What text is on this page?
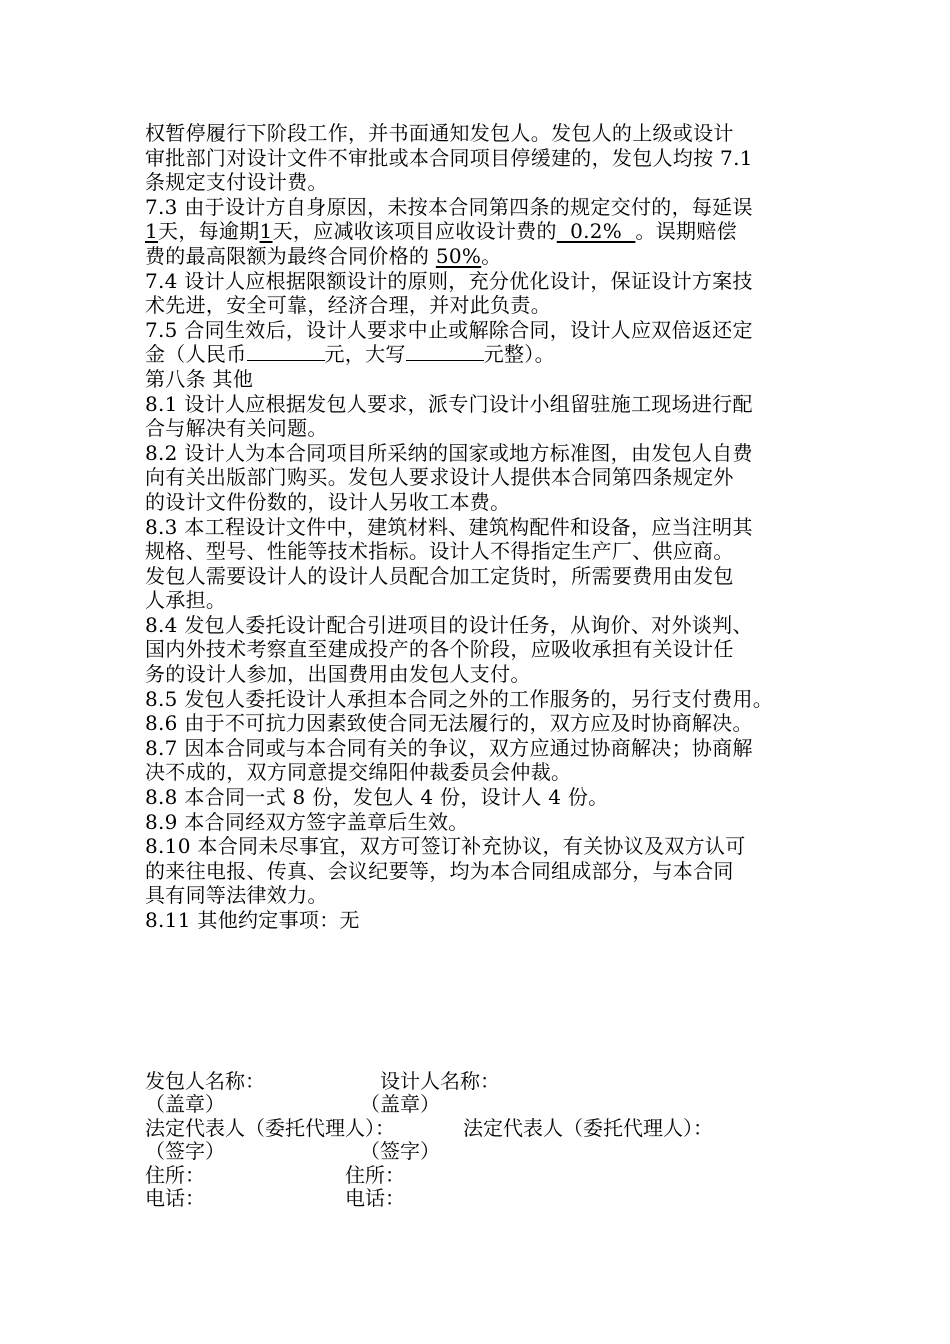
权暂停履行下阶段工作，并书面通知发包人。发包人的上级或设计
审批部门对设计文件不审批或本合同项目停缓建的，发包人均按 7.1
条规定支付设计费。
7.3 由于设计方自身原因，未按本合同第四条的规定交付的，每延误
1天，每逾期1天，应减收该项目应收设计费的  0.2%  。误期赔偿
费的最高限额为最终合同价格的 50%。
7.4 设计人应根据限额设计的原则，充分优化设计，保证设计方案技
术先进，安全可靠，经济合理，并对此负责。
7.5 合同生效后，设计人要求中止或解除合同，设计人应双倍返还定
金（人民币	元，大写	元整）。
第八条 其他
8.1 设计人应根据发包人要求，派专门设计小组留驻施工现场进行配
合与解决有关问题。
8.2 设计人为本合同项目所采纳的国家或地方标准图，由发包人自费
向有关出版部门购买。发包人要求设计人提供本合同第四条规定外
的设计文件份数的，设计人另收工本费。
8.3 本工程设计文件中，建筑材料、建筑构配件和设备，应当注明其
规格、型号、性能等技术指标。设计人不得指定生产厂、供应商。
发包人需要设计人的设计人员配合加工定货时，所需要费用由发包
人承担。
8.4 发包人委托设计配合引进项目的设计任务，从询价、对外谈判、
国内外技术考察直至建成投产的各个阶段，应吸收承担有关设计任
务的设计人参加，出国费用由发包人支付。
8.5 发包人委托设计人承担本合同之外的工作服务的，另行支付费用。
8.6 由于不可抗力因素致使合同无法履行的，双方应及时协商解决。
8.7 因本合同或与本合同有关的争议，双方应通过协商解决；协商解
决不成的，双方同意提交绵阳仲裁委员会仲裁。
8.8 本合同一式 8 份，发包人 4 份，设计人 4 份。
8.9 本合同经双方签字盖章后生效。
8.10 本合同未尽事宜，双方可签订补充协议，有关协议及双方认可
的来往电报、传真、会议纪要等，均为本合同组成部分，与本合同
具有同等法律效力。
8.11 其他约定事项：无
发包人名称：	设计人名称：
（盖章）	（盖章）
法定代表人（委托代理人）：	法定代表人（委托代理人）：
（签字）	（签字）
住所：	住所：
电话：	电话：
